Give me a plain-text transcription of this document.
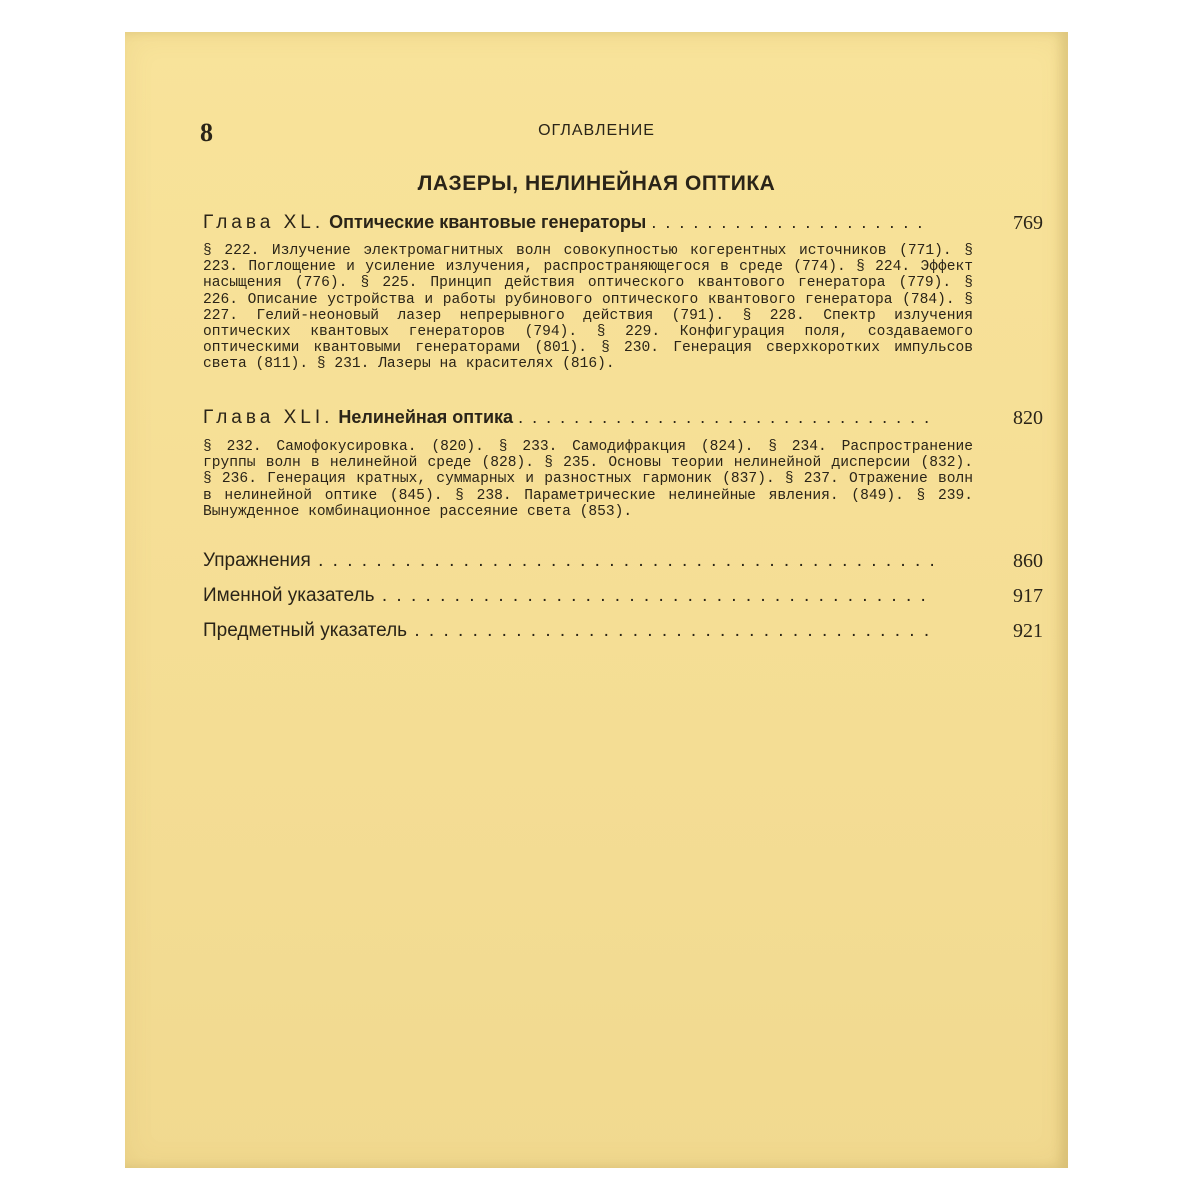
8	ОГЛАВЛЕНИЕ
ЛАЗЕРЫ, НЕЛИНЕЙНАЯ ОПТИКА
Глава XL. Оптические квантовые генераторы . . .	769
§ 222. Излучение электромагнитных волн совокупностью когерентных источников (771). § 223. Поглощение и усиление излучения, распространяющегося в среде (774). § 224. Эффект насыщения (776). § 225. Принцип действия оптического квантового генератора (779). § 226. Описание устройства и работы рубинового оптического квантового генератора (784). § 227. Гелий-неоновый лазер непрерывного действия (791). § 228. Спектр излучения оптических квантовых генераторов (794). § 229. Конфигурация поля, создаваемого оптическими квантовыми генераторами (801). § 230. Генерация сверхкоротких импульсов света (811). § 231. Лазеры на красителях (816).
Глава XLI. Нелинейная оптика . . .	820
§ 232. Самофокусировка. (820). § 233. Самодифракция (824). § 234. Распространение группы волн в нелинейной среде (828). § 235. Основы теории нелинейной дисперсии (832). § 236. Генерация кратных, суммарных и разностных гармоник (837). § 237. Отражение волн в нелинейной оптике (845). § 238. Параметрические нелинейные явления. (849). § 239. Вынужденное комбинационное рассеяние света (853).
Упражнения . . .	860
Именной указатель . . .	917
Предметный указатель . . .	921
